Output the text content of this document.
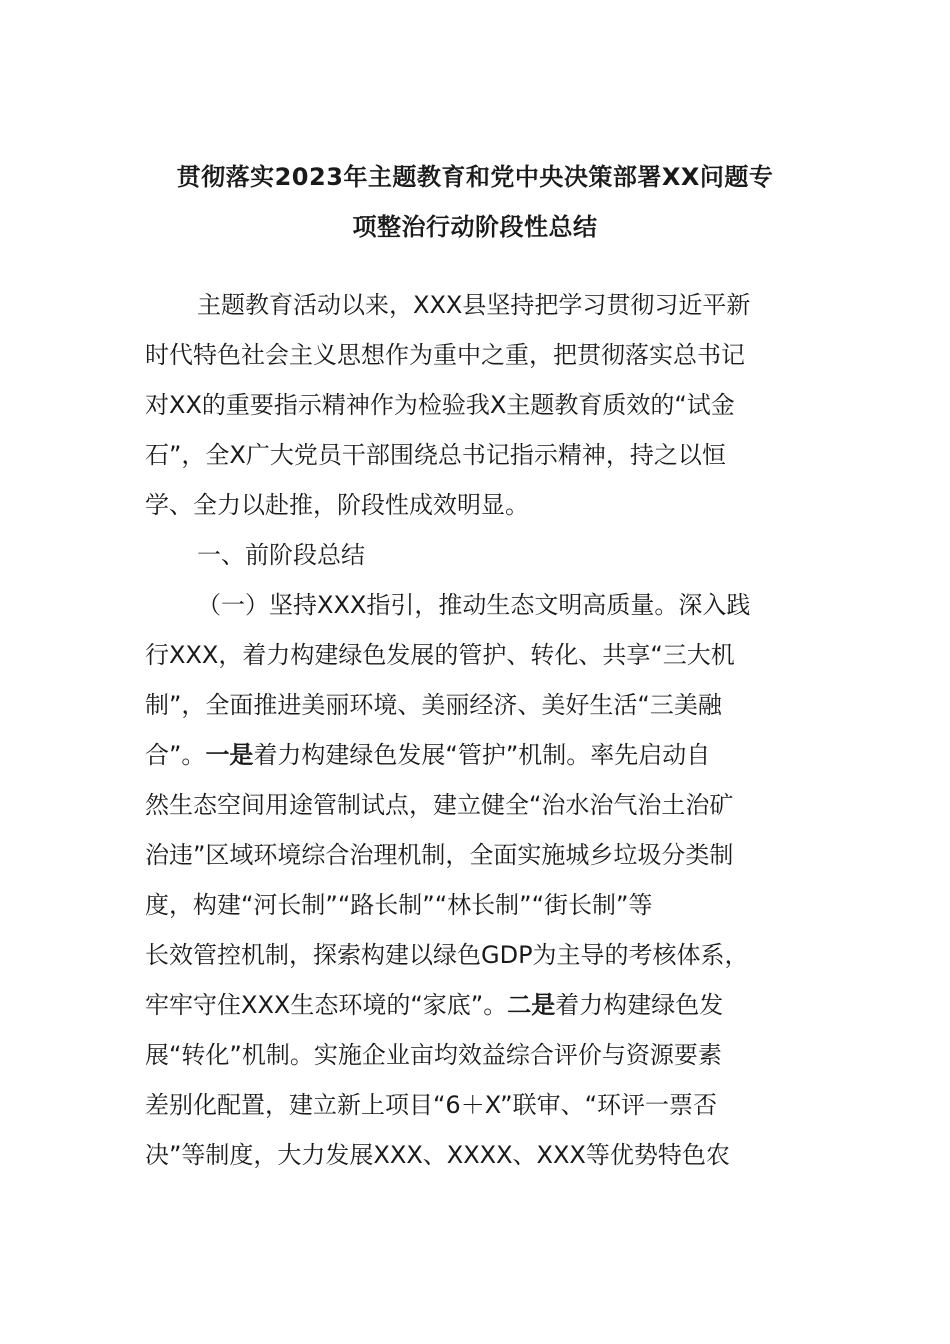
贯彻落实2023年主题教育和党中央决策部署XX问题专
项整治行动阶段性总结
主题教育活动以来，XXX县坚持把学习贯彻习近平新
时代特色社会主义思想作为重中之重，把贯彻落实总书记
对XX的重要指示精神作为检验我X主题教育质效的“试金
石”，全X广大党员干部围绕总书记指示精神，持之以恒
学、全力以赴推，阶段性成效明显。
一、前阶段总结
（一）坚持XXX指引，推动生态文明高质量。深入践
行XXX，着力构建绿色发展的管护、转化、共享“三大机
制”，全面推进美丽环境、美丽经济、美好生活“三美融
合”。一是着力构建绿色发展“管护”机制。率先启动自
然生态空间用途管制试点，建立健全“治水治气治土治矿
治违”区域环境综合治理机制，全面实施城乡垃圾分类制
度，构建“河长制”“路长制”“林长制”“街长制”等
长效管控机制，探索构建以绿色GDP为主导的考核体系，
牢牢守住XXX生态环境的“家底”。二是着力构建绿色发
展“转化”机制。实施企业亩均效益综合评价与资源要素
差别化配置，建立新上项目“6＋X”联审、“环评一票否
决”等制度，大力发展XXX、XXXX、XXX等优势特色农
